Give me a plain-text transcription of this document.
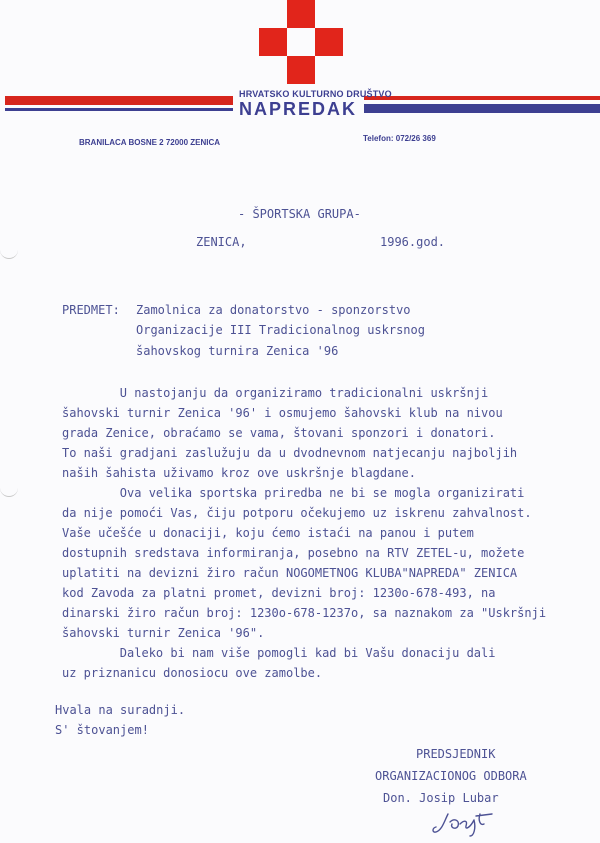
HRVATSKO KULTURNO DRUŠTVO
NAPREDAK
BRANILACA BOSNE 2 72000 ZENICA	Telefon: 072/26 369
- ŠPORTSKA GRUPA-
ZENICA,	1996.god.
PREDMET: Zamolnica za donatorstvo - sponzorstvo
Organizacije III Tradicionalnog uskrsnog
šahovskog turnira Zenica '96
U nastojanju da organiziramo tradicionalni uskršnji
šahovski turnir Zenica '96' i osmujemo šahovski klub na nivou
grada Zenice, obraćamo se vama, štovani sponzori i donatori.
To naši gradjani zaslužuju da u dvodnevnom natjecanju najboljih
naših šahista uživamo kroz ove uskršnje blagdane.
Ova velika sportska priredba ne bi se mogla organizirati
da nije pomoći Vas, čiju potporu očekujemo uz iskrenu zahvalnost.
Vaše učešće u donaciji, koju ćemo istaći na panou i putem
dostupnih sredstava informiranja, posebno na RTV ZETEL-u, možete
uplatiti na devizni žiro račun NOGOMETNOG KLUBA"NAPREDA" ZENICA
kod Zavoda za platni promet, devizni broj: 1230o-678-493, na
dinarski žiro račun broj: 1230o-678-1237o, sa naznakom za "Uskršnji
šahovski turnir Zenica '96".
Daleko bi nam više pomogli kad bi Vašu donaciju dali
uz priznanicu donosiocu ove zamolbe.
Hvala na suradnji.
S' štovanjem!
PREDSJEDNIK
ORGANIZACIONOG ODBORA
Don. Josip Lubar
